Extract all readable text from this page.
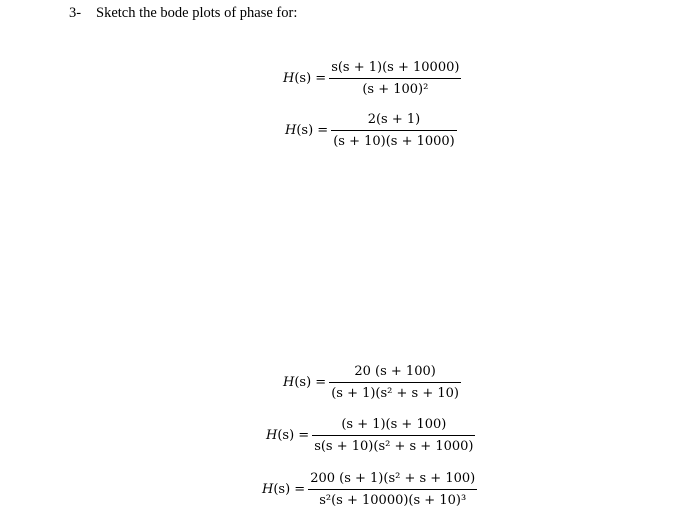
3- Sketch the bode plots of phase for:
H $(s) = \frac{s(s + 1)(s + 10000)}{\text{(s + 100)²}}$
H $(s) = \frac{2(s + 1)}{(s + 10)(s + 1000)}$
H $(s) = \frac{20 (s + 100)}{\text{(s + 1)(s² + s + 10)}}$
H $(s) = \frac{(s + 1)(s + 100)}{\text{s(s + 10)(s² + s + 1000)}}$
H $(s) = \frac{\text{200 (s + 1)(s² + s + 100)}}{\text{s²(s + 10000)(s + 10)³}}$
